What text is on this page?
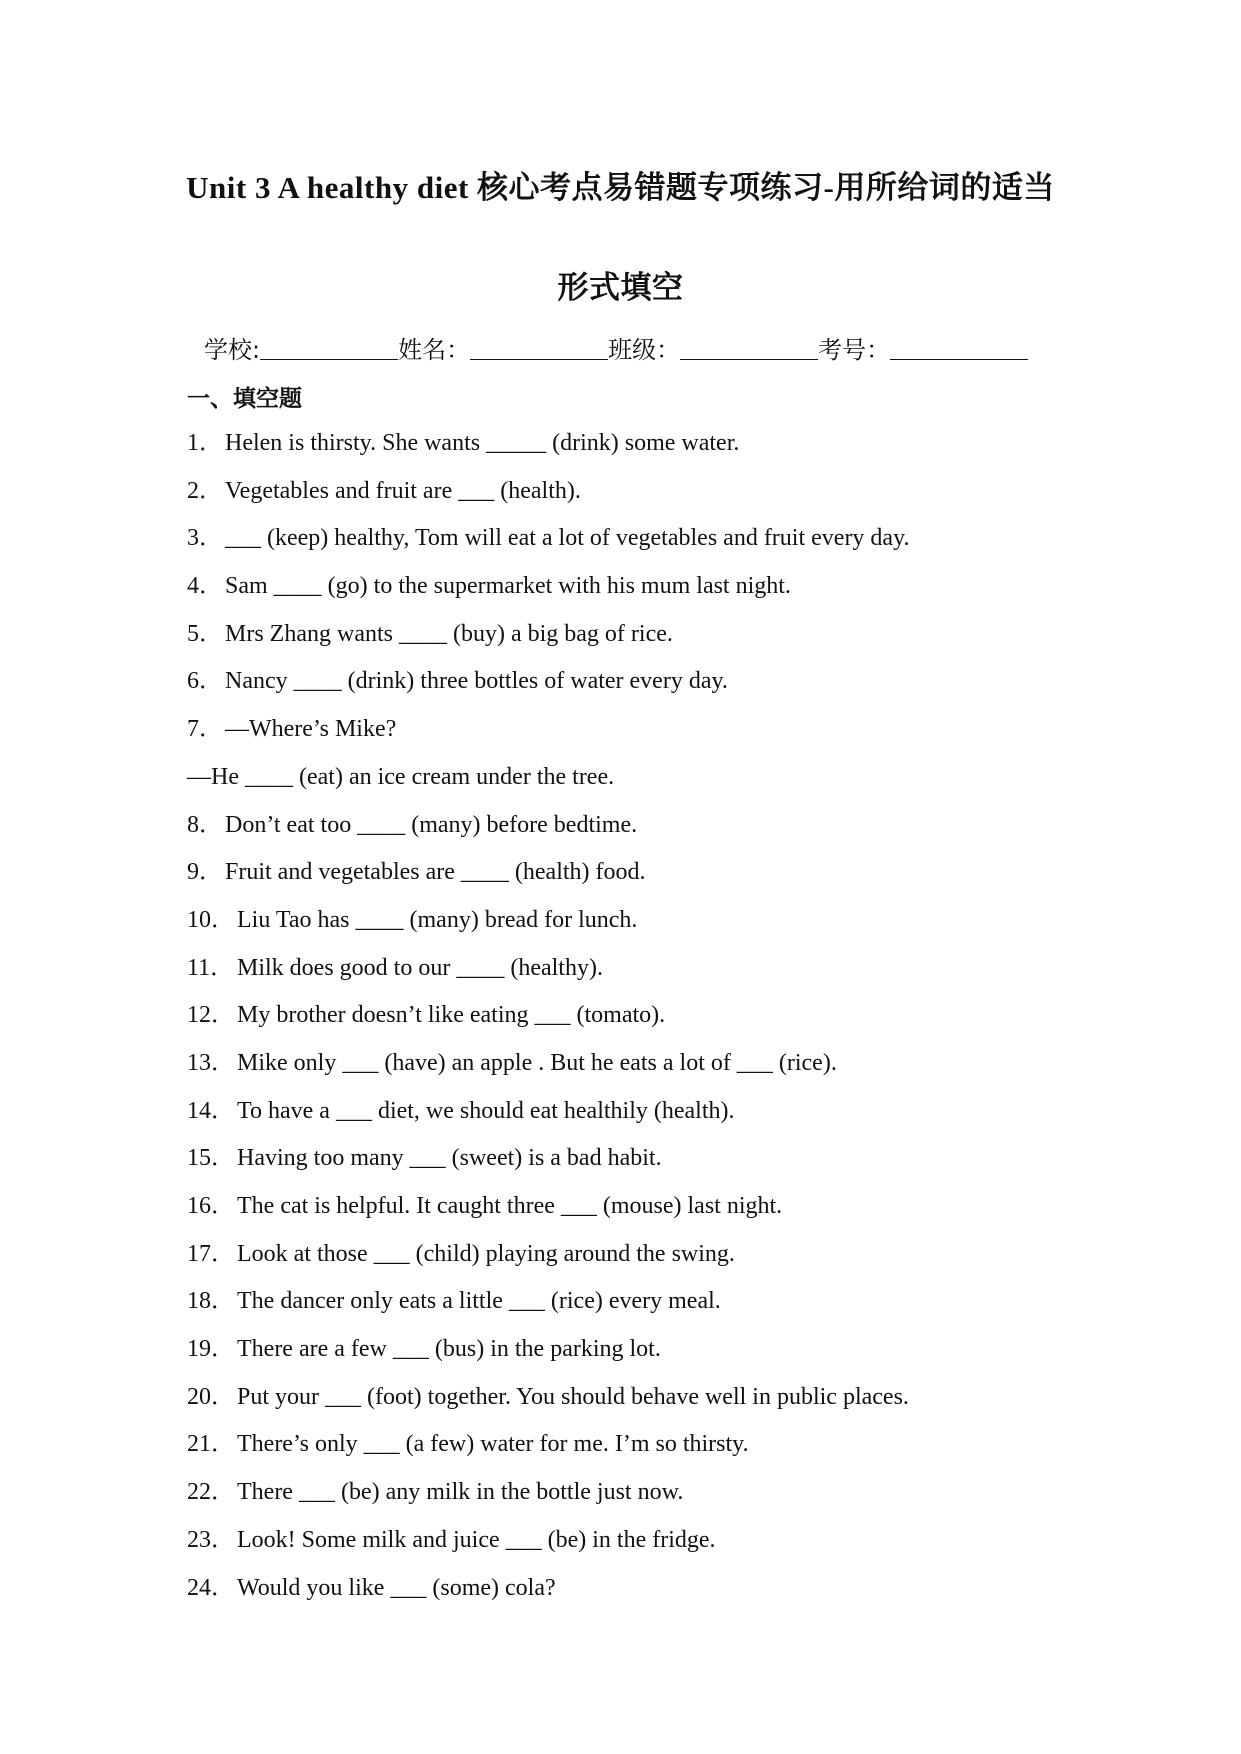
Unit 3 A healthy diet 核心考点易错题专项练习-用所给词的适当
形式填空
学校:	姓名：	班级：	考号：
一、填空题
1．Helen is thirsty. She wants _____ (drink) some water.
2．Vegetables and fruit are ___ (health).
3．___ (keep) healthy, Tom will eat a lot of vegetables and fruit every day.
4．Sam ____ (go) to the supermarket with his mum last night.
5．Mrs Zhang wants ____ (buy) a big bag of rice.
6．Nancy ____ (drink) three bottles of water every day.
7．—Where’s Mike?
—He ____ (eat) an ice cream under the tree.
8．Don’t eat too ____ (many) before bedtime.
9．Fruit and vegetables are ____ (health) food.
10．Liu Tao has ____ (many) bread for lunch.
11． Milk does good to our ____ (healthy).
12．My brother doesn’t like eating ___ (tomato).
13．Mike only ___ (have) an apple . But he eats a lot of ___ (rice).
14．To have a ___ diet, we should eat healthily (health).
15．Having too many ___ (sweet) is a bad habit.
16．The cat is helpful. It caught three ___ (mouse) last night.
17．Look at those ___ (child) playing around the swing.
18．The dancer only eats a little ___ (rice) every meal.
19．There are a few ___ (bus) in the parking lot.
20．Put your ___ (foot) together. You should behave well in public places.
21．There’s only ___ (a few) water for me. I’m so thirsty.
22．There ___ (be) any milk in the bottle just now.
23．Look! Some milk and juice ___ (be) in the fridge.
24．Would you like ___ (some) cola?
